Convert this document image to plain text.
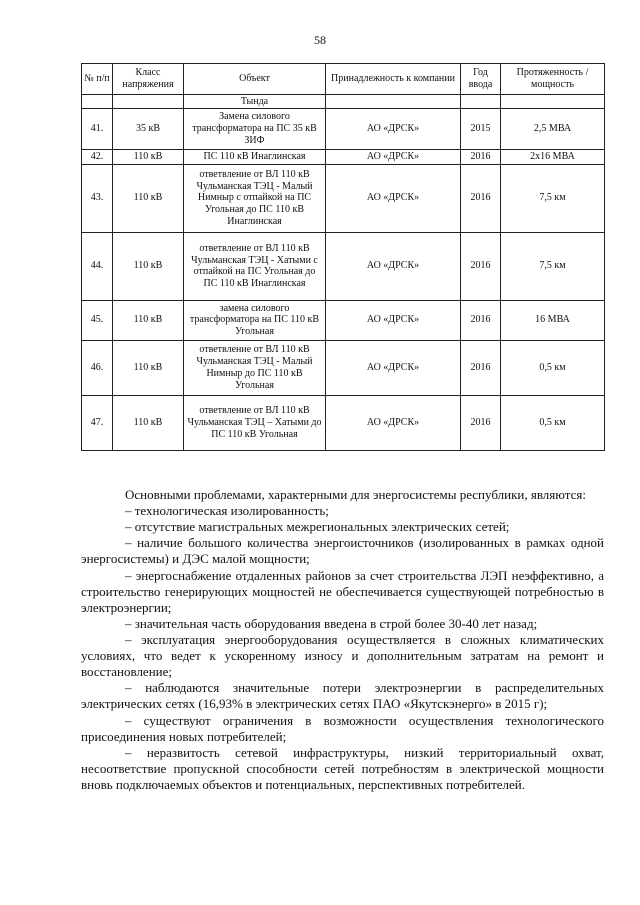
58
№ п/п	Класс напряжения	Объект	Принадлежность к компании	Год ввода	Протяженность / мощность
		Тында			
41.	35 кВ	Замена силового трансформатора на ПС 35 кВ ЗИФ	АО «ДРСК»	2015	2,5 МВА
42.	110 кВ	ПС 110 кВ Инаглинская	АО «ДРСК»	2016	2х16 МВА
43.	110 кВ	ответвление от ВЛ 110 кВ Чульманская ТЭЦ - Малый Нимныр с отпайкой на ПС Угольная до ПС 110 кВ Инаглинская	АО «ДРСК»	2016	7,5 км
44.	110 кВ	ответвление от ВЛ 110 кВ Чульманская ТЭЦ - Хатыми с отпайкой на ПС Угольная до ПС 110 кВ Инаглинская	АО «ДРСК»	2016	7,5 км
45.	110 кВ	замена силового трансформатора на ПС 110 кВ Угольная	АО «ДРСК»	2016	16 МВА
46.	110 кВ	ответвление от ВЛ 110 кВ Чульманская ТЭЦ - Малый Нимныр до ПС 110 кВ Угольная	АО «ДРСК»	2016	0,5 км
47.	110 кВ	ответвление от ВЛ 110 кВ Чульманская ТЭЦ – Хатыми до ПС 110 кВ Угольная	АО «ДРСК»	2016	0,5 км

Основными проблемами, характерными для энергосистемы республики, являются:

– технологическая изолированность;

– отсутствие магистральных межрегиональных электрических сетей;

– наличие большого количества энергоисточников (изолированных в рамках одной энергосистемы) и ДЭС малой мощности;

– энергоснабжение отдаленных районов за счет строительства ЛЭП неэффективно, а строительство генерирующих мощностей не обеспечивается существующей потребностью в электроэнергии;

– значительная часть оборудования введена в строй более 30-40 лет назад;

– эксплуатация энергооборудования осуществляется в сложных климатических условиях, что ведет к ускоренному износу и дополнительным затратам на ремонт и восстановление;

– наблюдаются значительные потери электроэнергии в распределительных электрических сетях (16,93% в электрических сетях ПАО «Якутскэнерго» в 2015 г);

– существуют ограничения в возможности осуществления технологического присоединения новых потребителей;

– неразвитость сетевой инфраструктуры, низкий территориальный охват, несоответствие пропускной способности сетей потребностям в электрической мощности вновь подключаемых объектов и потенциальных, перспективных потребителей.
